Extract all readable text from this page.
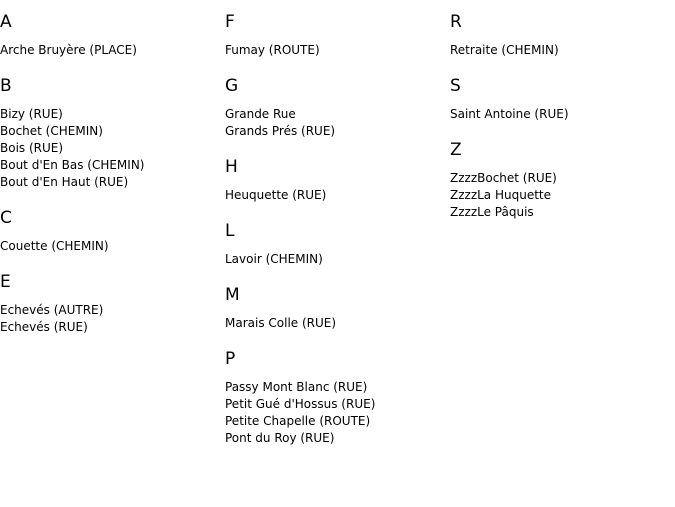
A
Arche Bruyère (PLACE)
B
Bizy (RUE)
Bochet (CHEMIN)
Bois (RUE)
Bout d'En Bas (CHEMIN)
Bout d'En Haut (RUE)
C
Couette (CHEMIN)
E
Echevés (AUTRE)
Echevés (RUE)
F
Fumay (ROUTE)
G
Grande Rue
Grands Prés (RUE)
H
Heuquette (RUE)
L
Lavoir (CHEMIN)
M
Marais Colle (RUE)
P
Passy Mont Blanc (RUE)
Petit Gué d'Hossus (RUE)
Petite Chapelle (ROUTE)
Pont du Roy (RUE)
R
Retraite (CHEMIN)
S
Saint Antoine (RUE)
Z
ZzzzBochet (RUE)
ZzzzLa Huquette
ZzzzLe Pâquis
